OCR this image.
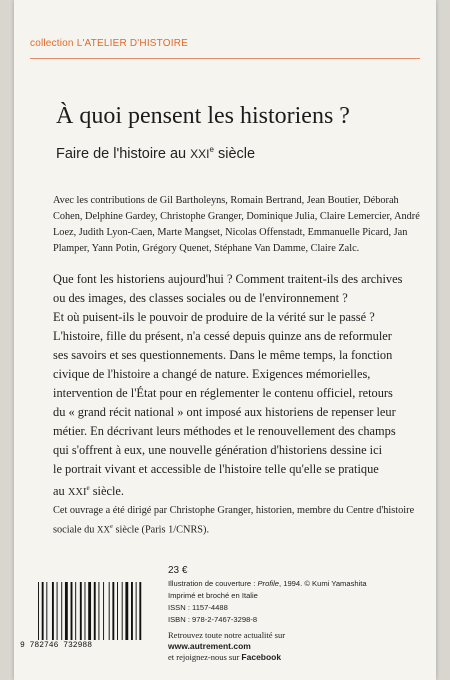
collection L'ATELIER D'HISTOIRE
À quoi pensent les historiens ?
Faire de l'histoire au XXIe siècle
Avec les contributions de Gil Bartholeyns, Romain Bertrand, Jean Boutier, Déborah Cohen, Delphine Gardey, Christophe Granger, Dominique Julia, Claire Lemercier, André Loez, Judith Lyon-Caen, Marte Mangset, Nicolas Offenstadt, Emmanuelle Picard, Jan Plamper, Yann Potin, Grégory Quenet, Stéphane Van Damme, Claire Zalc.
Que font les historiens aujourd'hui ? Comment traitent-ils des archives
ou des images, des classes sociales ou de l'environnement ?
Et où puisent-ils le pouvoir de produire de la vérité sur le passé ?
L'histoire, fille du présent, n'a cessé depuis quinze ans de reformuler
ses savoirs et ses questionnements. Dans le même temps, la fonction
civique de l'histoire a changé de nature. Exigences mémorielles,
intervention de l'État pour en réglementer le contenu officiel, retours
du « grand récit national » ont imposé aux historiens de repenser leur
métier. En décrivant leurs méthodes et le renouvellement des champs
qui s'offrent à eux, une nouvelle génération d'historiens dessine ici
le portrait vivant et accessible de l'histoire telle qu'elle se pratique
au XXIe siècle.
Cet ouvrage a été dirigé par Christophe Granger, historien, membre du Centre d'histoire sociale du XXe siècle (Paris 1/CNRS).
9 782746 732988
23 €
Illustration de couverture : Profile, 1994. © Kumi Yamashita
Imprimé et broché en Italie
ISSN : 1157-4488
ISBN : 978-2-7467-3298-8
Retrouvez toute notre actualité sur
www.autrement.com
et rejoignez-nous sur Facebook
